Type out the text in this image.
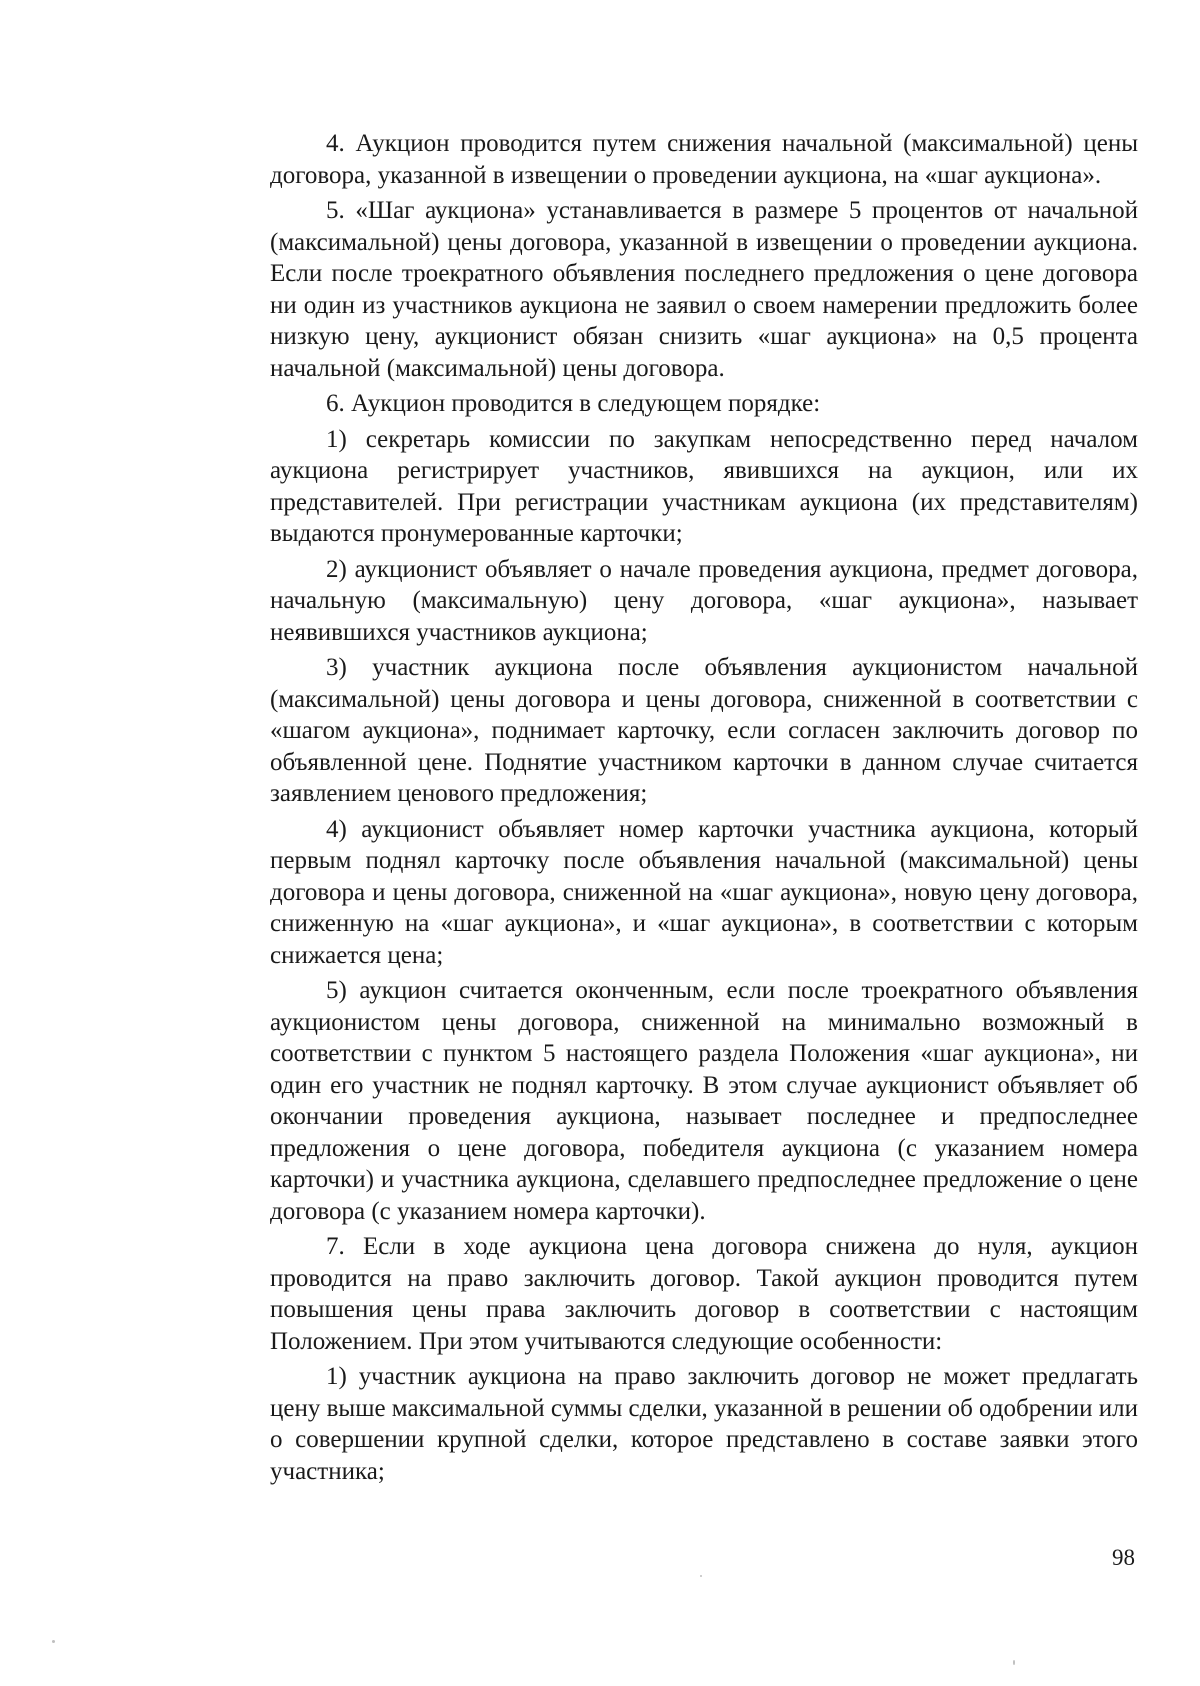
4. Аукцион проводится путем снижения начальной (максимальной) цены договора, указанной в извещении о проведении аукциона, на «шаг аукциона».

5. «Шаг аукциона» устанавливается в размере 5 процентов от начальной (максимальной) цены договора, указанной в извещении о проведении аукциона. Если после троекратного объявления последнего предложения о цене договора ни один из участников аукциона не заявил о своем намерении предложить более низкую цену, аукционист обязан снизить «шаг аукциона» на 0,5 процента начальной (максимальной) цены договора.

6. Аукцион проводится в следующем порядке:

1) секретарь комиссии по закупкам непосредственно перед началом аукциона регистрирует участников, явившихся на аукцион, или их представителей. При регистрации участникам аукциона (их представителям) выдаются пронумерованные карточки;

2) аукционист объявляет о начале проведения аукциона, предмет договора, начальную (максимальную) цену договора, «шаг аукциона», называет неявившихся участников аукциона;

3) участник аукциона после объявления аукционистом начальной (максимальной) цены договора и цены договора, сниженной в соответствии с «шагом аукциона», поднимает карточку, если согласен заключить договор по объявленной цене. Поднятие участником карточки в данном случае считается заявлением ценового предложения;

4) аукционист объявляет номер карточки участника аукциона, который первым поднял карточку после объявления начальной (максимальной) цены договора и цены договора, сниженной на «шаг аукциона», новую цену договора, сниженную на «шаг аукциона», и «шаг аукциона», в соответствии с которым снижается цена;

5) аукцион считается оконченным, если после троекратного объявления аукционистом цены договора, сниженной на минимально возможный в соответствии с пунктом 5 настоящего раздела Положения «шаг аукциона», ни один его участник не поднял карточку. В этом случае аукционист объявляет об окончании проведения аукциона, называет последнее и предпоследнее предложения о цене договора, победителя аукциона (с указанием номера карточки) и участника аукциона, сделавшего предпоследнее предложение о цене договора (с указанием номера карточки).

7. Если в ходе аукциона цена договора снижена до нуля, аукцион проводится на право заключить договор. Такой аукцион проводится путем повышения цены права заключить договор в соответствии с настоящим Положением. При этом учитываются следующие особенности:

1) участник аукциона на право заключить договор не может предлагать цену выше максимальной суммы сделки, указанной в решении об одобрении или о совершении крупной сделки, которое представлено в составе заявки этого участника;

98
